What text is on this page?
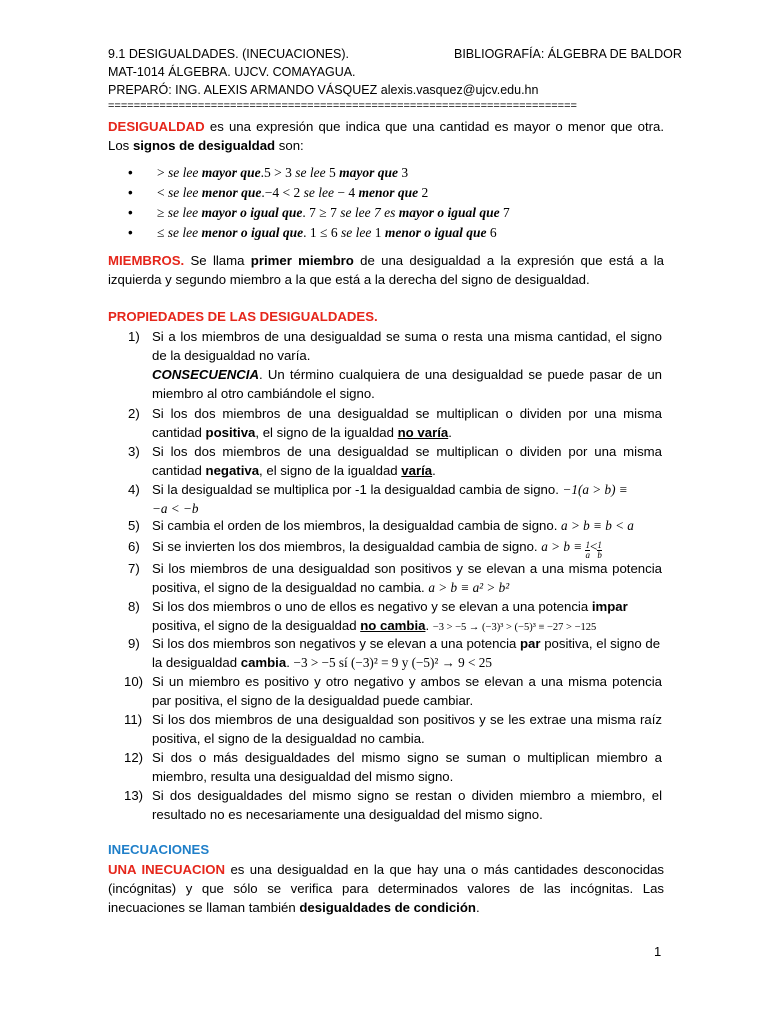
9.1 DESIGUALDADES. (INECUACIONES).	BIBLIOGRAFÍA: ÁLGEBRA DE BALDOR
MAT-1014 ÁLGEBRA. UJCV. COMAYAGUA.
PREPARÓ: ING. ALEXIS ARMANDO VÁSQUEZ alexis.vasquez@ujcv.edu.hn
=========================================================================
DESIGUALDAD es una expresión que indica que una cantidad es mayor o menor que otra. Los signos de desigualdad son:
• > se lee mayor que.5 > 3 se lee 5 mayor que 3
• < se lee menor que.−4 < 2 se lee − 4 menor que 2
• ≥ se lee mayor o igual que. 7 ≥ 7 se lee 7 es mayor o igual que 7
• ≤ se lee menor o igual que. 1 ≤ 6 se lee 1 menor o igual que 6
MIEMBROS. Se llama primer miembro de una desigualdad a la expresión que está a la izquierda y segundo miembro a la que está a la derecha del signo de desigualdad.
PROPIEDADES DE LAS DESIGUALDADES.
1) Si a los miembros de una desigualdad se suma o resta una misma cantidad, el signo de la desigualdad no varía.
CONSECUENCIA. Un término cualquiera de una desigualdad se puede pasar de un miembro al otro cambiándole el signo.
2) Si los dos miembros de una desigualdad se multiplican o dividen por una misma cantidad positiva, el signo de la igualdad no varía.
3) Si los dos miembros de una desigualdad se multiplican o dividen por una misma cantidad negativa, el signo de la igualdad varía.
4) Si la desigualdad se multiplica por -1 la desigualdad cambia de signo. −1(a > b) ≡
−a < −b
5) Si cambia el orden de los miembros, la desigualdad cambia de signo. a > b ≡ b < a
6) Si se invierten los dos miembros, la desigualdad cambia de signo. $a > b \equiv \frac{1}{a} < \frac{1}{b}$
7) Si los miembros de una desigualdad son positivos y se elevan a una misma potencia positiva, el signo de la desigualdad no cambia. a > b ≡ a² > b²
8) Si los dos miembros o uno de ellos es negativo y se elevan a una potencia impar positiva, el signo de la desigualdad no cambia. −3 > −5 → (−3)³ > (−5)³ ≡ −27 > −125
9) Si los dos miembros son negativos y se elevan a una potencia par positiva, el signo de la desigualdad cambia. −3 > −5 sí (−3)² = 9 y (−5)² → 9 < 25
10) Si un miembro es positivo y otro negativo y ambos se elevan a una misma potencia par positiva, el signo de la desigualdad puede cambiar.
11) Si los dos miembros de una desigualdad son positivos y se les extrae una misma raíz positiva, el signo de la desigualdad no cambia.
12) Si dos o más desigualdades del mismo signo se suman o multiplican miembro a miembro, resulta una desigualdad del mismo signo.
13) Si dos desigualdades del mismo signo se restan o dividen miembro a miembro, el resultado no es necesariamente una desigualdad del mismo signo.
INECUACIONES
UNA INECUACION es una desigualdad en la que hay una o más cantidades desconocidas (incógnitas) y que sólo se verifica para determinados valores de las incógnitas. Las inecuaciones se llaman también desigualdades de condición.
1
